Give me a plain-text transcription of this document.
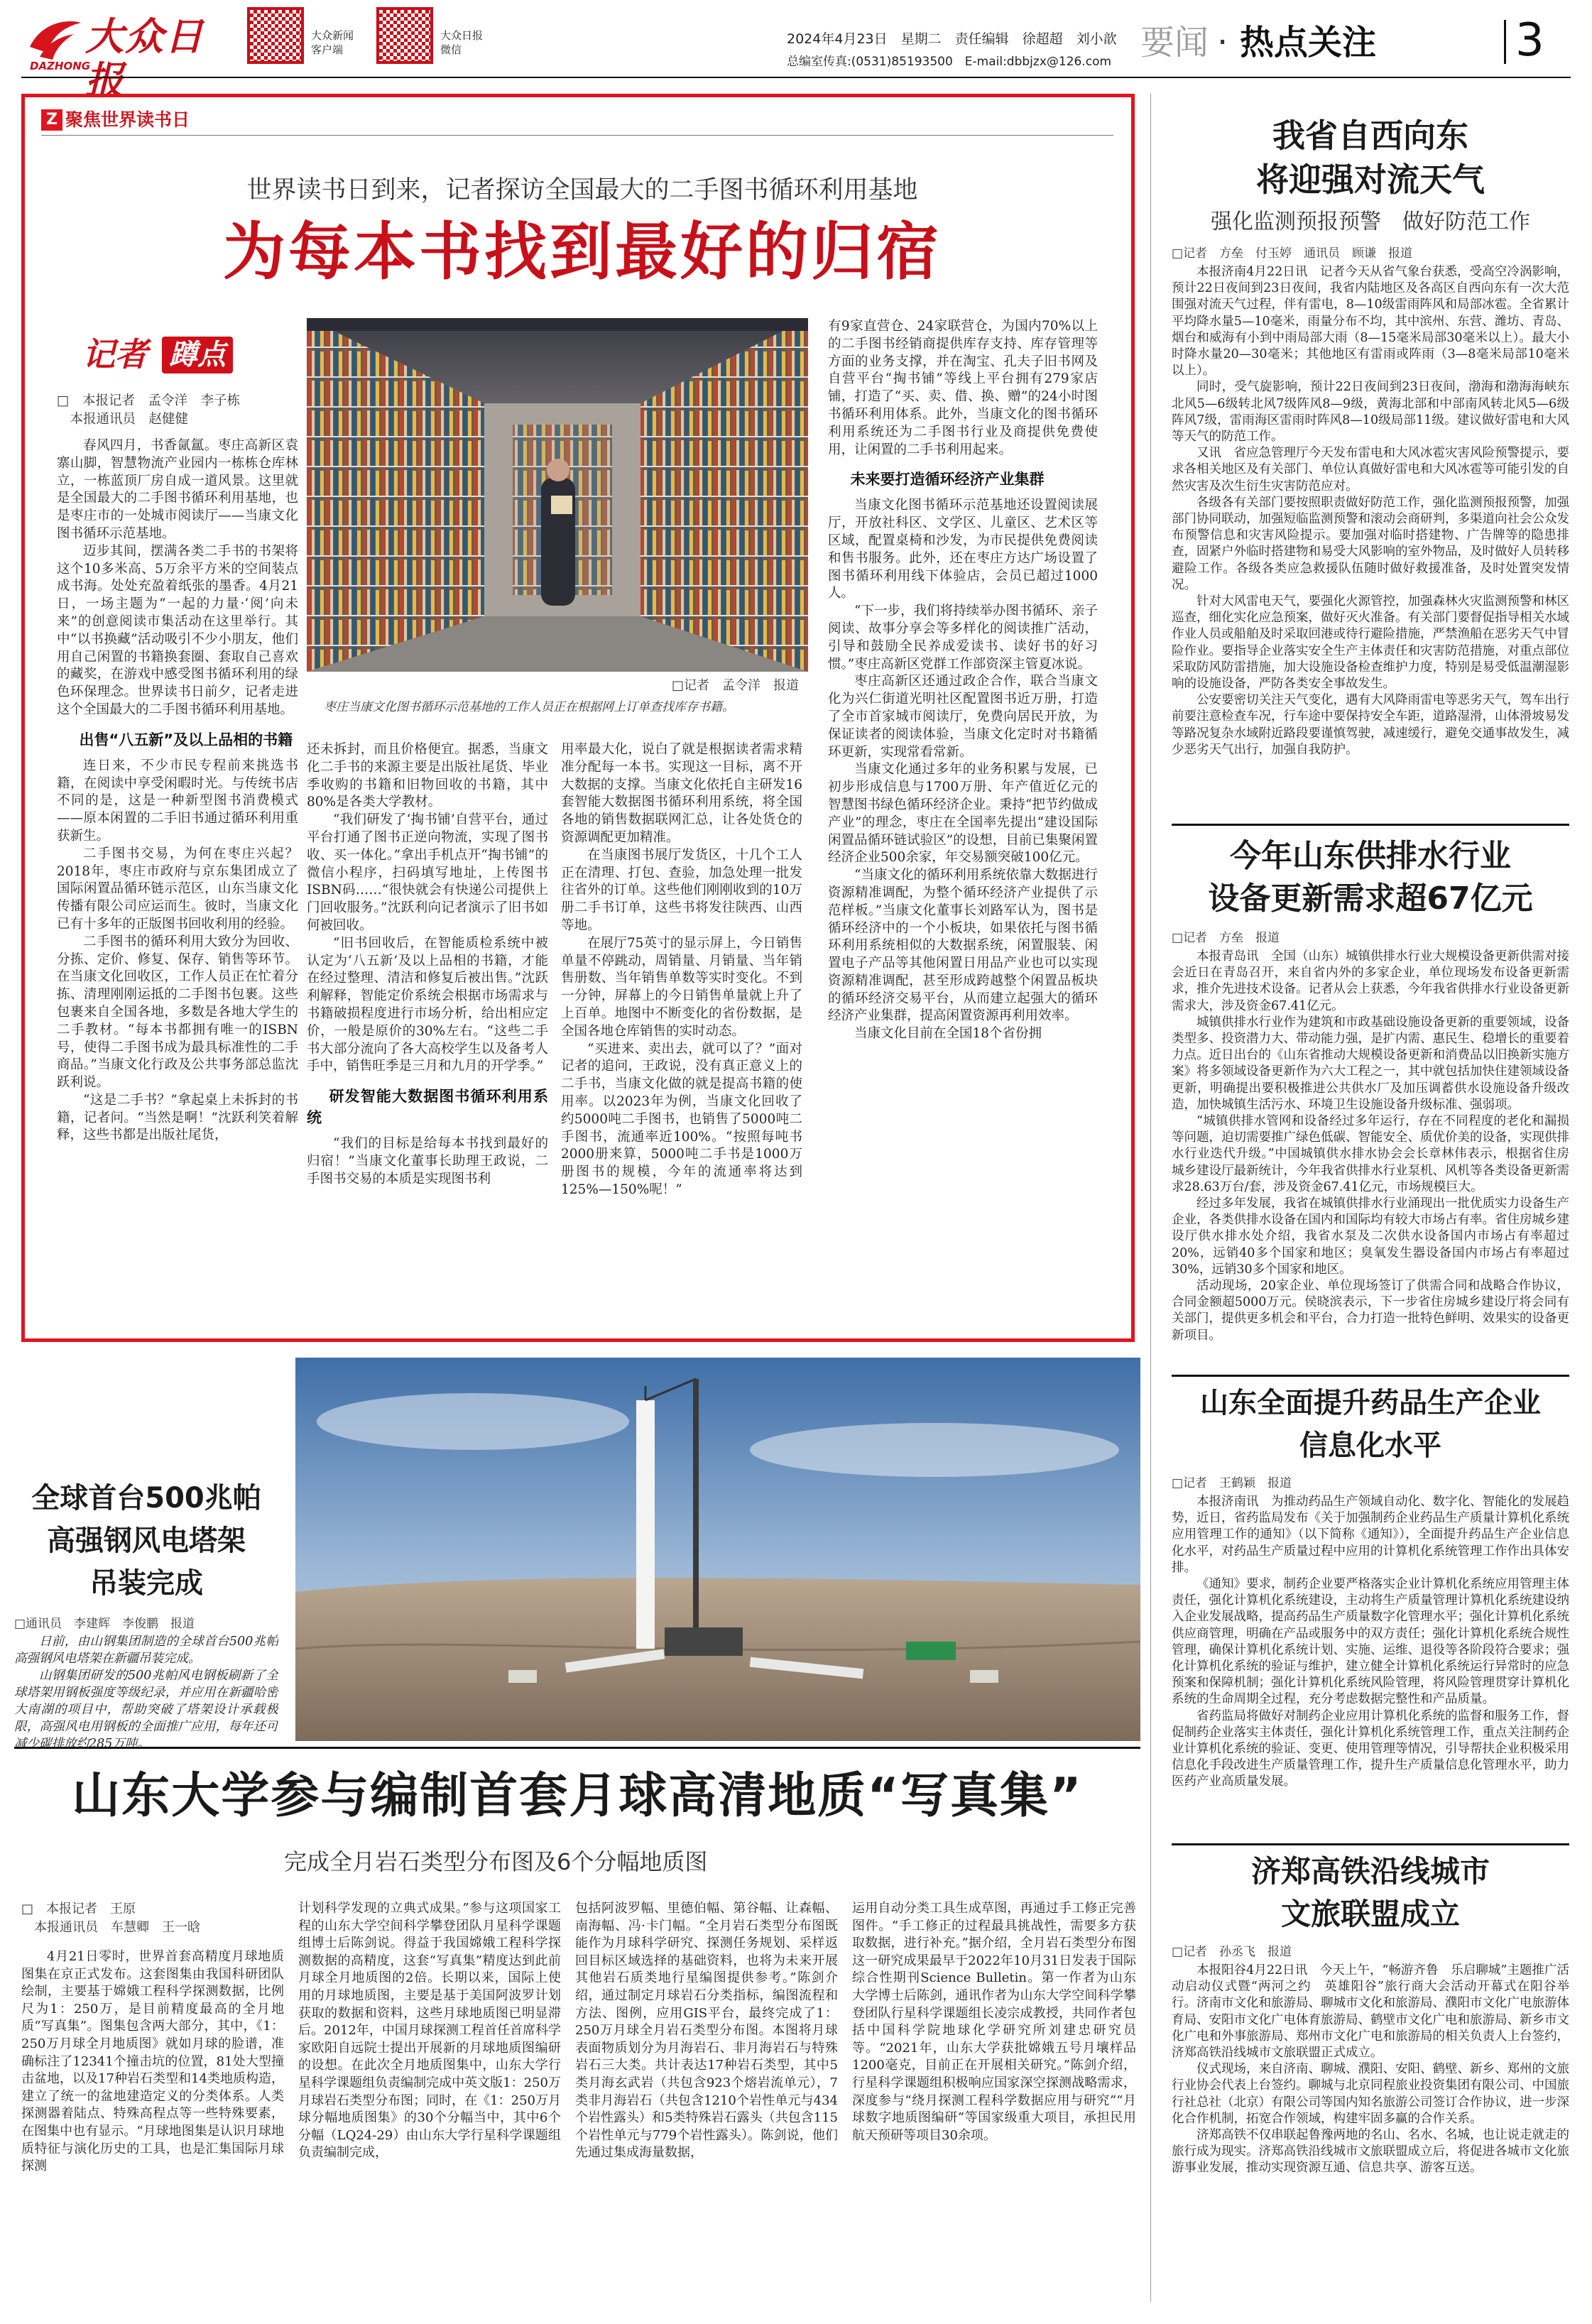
大众日报
DAZHONG
大众新闻
客户端
大众日报
微信
2024年4月23日　星期二　责任编辑　徐超超　刘小歆
总编室传真:(0531)85193500　E-mail:dbbjzx@126.com 要闻 · 热点关注	3
Z 聚焦世界读书日
世界读书日到来，记者探访全国最大的二手图书循环利用基地
为每本书找到最好的归宿
记者 蹲点
□　本报记者　孟令洋　李子栋
　本报通讯员　赵健健

春风四月，书香氤氲。枣庄高新区袁寨山脚，智慧物流产业园内一栋栋仓库林立，一栋蓝顶厂房自成一道风景。这里就是全国最大的二手图书循环利用基地，也是枣庄市的一处城市阅读厅——当康文化图书循环示范基地。

迈步其间，摆满各类二手书的书架将这个10多米高、5万余平方米的空间装点成书海。处处充盈着纸张的墨香。4月21日，一场主题为“一起的力量·‘阅’向未来”的创意阅读市集活动在这里举行。其中“以书换藏”活动吸引不少小朋友，他们用自己闲置的书籍换套圈、套取自己喜欢的藏奖，在游戏中感受图书循环利用的绿色环保理念。世界读书日前夕，记者走进这个全国最大的二手图书循环利用基地。

出售“八五新”及以上品相的书籍

连日来，不少市民专程前来挑选书籍，在阅读中享受闲暇时光。与传统书店不同的是，这是一种新型图书消费模式——原本闲置的二手旧书通过循环利用重获新生。

二手图书交易，为何在枣庄兴起？2018年，枣庄市政府与京东集团成立了国际闲置品循环链示范区，山东当康文化传播有限公司应运而生。彼时，当康文化已有十多年的正版图书回收利用的经验。

二手图书的循环利用大致分为回收、分拣、定价、修复、保存、销售等环节。在当康文化回收区，工作人员正在忙着分拣、清理刚刚运抵的二手图书包裹。这些包裹来自全国各地，多数是各地大学生的二手教材。“每本书都拥有唯一的ISBN号，使得二手图书成为最具标准性的二手商品。”当康文化行政及公共事务部总监沈跃利说。

“这是二手书？”拿起桌上未拆封的书籍，记者问。“当然是啊！”沈跃利笑着解释，这些书都是出版社尾货，

枣庄当康文化图书循环示范基地的工作人员正在根据网上订单查找库存书籍。
□记者　孟令洋　报道

还未拆封，而且价格便宜。据悉，当康文化二手书的来源主要是出版社尾货、毕业季收购的书籍和旧物回收的书籍，其中80%是各类大学教材。

“我们研发了‘掏书铺’自营平台，通过平台打通了图书正逆向物流，实现了图书收、买一体化。”拿出手机点开“掏书铺”的微信小程序，扫码填写地址，上传图书ISBN码……“很快就会有快递公司提供上门回收服务。”沈跃利向记者演示了旧书如何被回收。

“旧书回收后，在智能质检系统中被认定为‘八五新’及以上品相的书籍，才能在经过整理、清洁和修复后被出售。”沈跃利解释，智能定价系统会根据市场需求与书籍破损程度进行市场分析，给出相应定价，一般是原价的30%左右。“这些二手书大部分流向了各大高校学生以及备考人手中，销售旺季是三月和九月的开学季。”

研发智能大数据图书循环利用系统

“我们的目标是给每本书找到最好的归宿！”当康文化董事长助理王政说，二手图书交易的本质是实现图书利

用率最大化，说白了就是根据读者需求精准分配每一本书。实现这一目标，离不开大数据的支撑。当康文化依托自主研发16套智能大数据图书循环利用系统，将全国各地的销售数据联网汇总，让各处货仓的资源调配更加精准。

在当康图书展厅发货区，十几个工人正在清理、打包、查验，加急处理一批发往省外的订单。这些他们刚刚收到的10万册二手书订单，这些书将发往陕西、山西等地。

在展厅75英寸的显示屏上，今日销售单量不停跳动，周销量、月销量、当年销售册数、当年销售单数等实时变化。不到一分钟，屏幕上的今日销售单量就上升了上百单。地图中不断变化的省份数据，是全国各地仓库销售的实时动态。

“买进来、卖出去，就可以了？”面对记者的追问，王政说，没有真正意义上的二手书，当康文化做的就是提高书籍的使用率。以2023年为例，当康文化回收了约5000吨二手图书，也销售了5000吨二手图书，流通率近100%。“按照每吨书2000册来算，5000吨二手书是1000万册图书的规模，今年的流通率将达到125%—150%呢！”

有9家直营仓、24家联营仓，为国内70%以上的二手图书经销商提供库存支持、库存管理等方面的业务支撑，并在淘宝、孔夫子旧书网及自营平台“掏书铺”等线上平台拥有279家店铺，打造了“买、卖、借、换、赠”的24小时图书循环利用体系。此外，当康文化的图书循环利用系统还为二手图书行业及商提供免费使用，让闲置的二手书利用起来。

未来要打造循环经济产业集群

当康文化图书循环示范基地还设置阅读展厅，开放社科区、文学区、儿童区、艺术区等区域，配置桌椅和沙发，为市民提供免费阅读和售书服务。此外，还在枣庄方达广场设置了图书循环利用线下体验店，会员已超过1000人。

“下一步，我们将持续举办图书循环、亲子阅读、故事分享会等多样化的阅读推广活动，引导和鼓励全民养成爱读书、读好书的好习惯。”枣庄高新区党群工作部资深主管夏冰说。

枣庄高新区还通过政企合作，联合当康文化为兴仁街道光明社区配置图书近万册，打造了全市首家城市阅读厅，免费向居民开放，为保证读者的阅读体验，当康文化定时对书籍循环更新，实现常看常新。

当康文化通过多年的业务积累与发展，已初步形成信息与1700万册、年产值近亿元的智慧图书绿色循环经济企业。秉持“把节约做成产业”的理念，枣庄在全国率先提出“建设国际闲置品循环链试验区”的设想，目前已集聚闲置经济企业500余家，年交易额突破100亿元。

“当康文化的循环利用系统依靠大数据进行资源精准调配，为整个循环经济产业提供了示范样板。”当康文化董事长刘路军认为，图书是循环经济中的一个小板块，如果依托与图书循环利用系统相似的大数据系统，闲置服装、闲置电子产品等其他闲置日用品产业也可以实现资源精准调配，甚至形成跨越整个闲置品板块的循环经济交易平台，从而建立起强大的循环经济产业集群，提高闲置资源再利用效率。

当康文化目前在全国18个省份拥

我省自西向东
将迎强对流天气
强化监测预报预警　做好防范工作
□记者　方垒　付玉婷　通讯员　顾谦　报道

本报济南4月22日讯　记者今天从省气象台获悉，受高空冷涡影响，预计22日夜间到23日夜间，我省内陆地区及各高区自西向东有一次大范围强对流天气过程，伴有雷电，8—10级雷雨阵风和局部冰雹。全省累计平均降水量5—10毫米，雨量分布不均，其中滨州、东营、潍坊、青岛、烟台和威海有小到中雨局部大雨（8—15毫米局部30毫米以上）。最大小时降水量20—30毫米；其他地区有雷雨或阵雨（3—8毫米局部10毫米以上）。

同时，受气旋影响，预计22日夜间到23日夜间，渤海和渤海海峡东北风5—6级转北风7级阵风8—9级，黄海北部和中部南风转北风5—6级阵风7级，雷雨海区雷雨时阵风8—10级局部11级。建议做好雷电和大风等天气的防范工作。

又讯　省应急管理厅今天发布雷电和大风冰雹灾害风险预警提示，要求各相关地区及有关部门、单位认真做好雷电和大风冰雹等可能引发的自然灾害及次生衍生灾害防范应对。

各级各有关部门要按照职责做好防范工作，强化监测预报预警，加强部门协同联动，加强短临监测预警和滚动会商研判，多渠道向社会公众发布预警信息和灾害风险提示。要加强对临时搭建物、广告牌等的隐患排查，固紧户外临时搭建物和易受大风影响的室外物品，及时做好人员转移避险工作。各级各类应急救援队伍随时做好救援准备，及时处置突发情况。

针对大风雷电天气，要强化火源管控，加强森林火灾监测预警和林区巡查，细化实化应急预案，做好灭火准备。有关部门要督促指导相关水域作业人员或船舶及时采取回港或待行避险措施，严禁渔船在恶劣天气中冒险作业。要指导企业落实安全生产主体责任和灾害防范措施，对重点部位采取防风防雷措施，加大设施设备检查维护力度，特别是易受低温潮湿影响的设施设备，严防各类安全事故发生。

公安要密切关注天气变化，遇有大风降雨雷电等恶劣天气，驾车出行前要注意检查车况，行车途中要保持安全车距，道路湿滑，山体滑坡易发等路况复杂水域附近路段要谨慎驾驶，减速缓行，避免交通事故发生，减少恶劣天气出行，加强自我防护。

今年山东供排水行业
设备更新需求超67亿元
□记者　方垒　报道

本报青岛讯　全国（山东）城镇供排水行业大规模设备更新供需对接会近日在青岛召开，来自省内外的多家企业，单位现场发布设备更新需求，推介先进技术设备。记者从会上获悉，今年我省供排水行业设备更新需求大，涉及资金67.41亿元。

城镇供排水行业作为建筑和市政基础设施设备更新的重要领域，设备类型多、投资潜力大、带动能力强，是扩内需、惠民生、稳增长的重要着力点。近日出台的《山东省推动大规模设备更新和消费品以旧换新实施方案》将多领域设备更新作为六大工程之一，其中就包括加快住建领域设备更新，明确提出要积极推进公共供水厂及加压调蓄供水设施设备升级改造，加快城镇生活污水、环境卫生设施设备升级标准、强弱项。

“城镇供排水管网和设备经过多年运行，存在不同程度的老化和漏损等问题，迫切需要推广绿色低碳、智能安全、质优价美的设备，实现供排水行业迭代升级。”中国城镇供水排水协会会长章林伟表示，根据省住房城乡建设厅最新统计，今年我省供排水行业泵机、风机等各类设备更新需求28.63万台/套，涉及资金67.41亿元，市场规模巨大。

经过多年发展，我省在城镇供排水行业涌现出一批优质实力设备生产企业，各类供排水设备在国内和国际均有较大市场占有率。省住房城乡建设厅供水排水处介绍，我省水泵及二次供水设备国内市场占有率超过20%，远销40多个国家和地区；臭氧发生器设备国内市场占有率超过30%，远销30多个国家和地区。

活动现场，20家企业、单位现场签订了供需合同和战略合作协议，合同金额超5000万元。侯晓滨表示，下一步省住房城乡建设厅将会同有关部门，提供更多机会和平台，合力打造一批特色鲜明、效果实的设备更新项目。

山东全面提升药品生产企业
信息化水平
□记者　王鹤颖　报道

本报济南讯　为推动药品生产领域自动化、数字化、智能化的发展趋势，近日，省药监局发布《关于加强制药企业药品生产质量计算机化系统应用管理工作的通知》（以下简称《通知》），全面提升药品生产企业信息化水平，对药品生产质量过程中应用的计算机化系统管理工作作出具体安排。

《通知》要求，制药企业要严格落实企业计算机化系统应用管理主体责任，强化计算机化系统建设，主动将生产质量管理计算机化系统建设纳入企业发展战略，提高药品生产质量数字化管理水平；强化计算机化系统供应商管理，明确在产品或服务中的双方责任；强化计算机化系统合规性管理，确保计算机化系统计划、实施、运维、退役等各阶段符合要求；强化计算机化系统的验证与维护，建立健全计算机化系统运行异常时的应急预案和保障机制；强化计算机化系统风险管理，将风险管理贯穿计算机化系统的生命周期全过程，充分考虑数据完整性和产品质量。

省药监局将做好对制药企业应用计算机化系统的监督和服务工作，督促制药企业落实主体责任，强化计算机化系统管理工作，重点关注制药企业计算机化系统的验证、变更、使用管理等情况，引导帮扶企业积极采用信息化手段改进生产质量管理工作，提升生产质量信息化管理水平，助力医药产业高质量发展。

济郑高铁沿线城市
文旅联盟成立
□记者　孙丞飞　报道

本报阳谷4月22日讯　今天上午，“畅游齐鲁　乐启聊城”主题推广活动启动仪式暨“两河之约　英雄阳谷”旅行商大会活动开幕式在阳谷举行。济南市文化和旅游局、聊城市文化和旅游局、濮阳市文化广电旅游体育局、安阳市文化广电体育旅游局、鹤壁市文化广电和旅游局、新乡市文化广电和外事旅游局、郑州市文化广电和旅游局的相关负责人上台签约，济郑高铁沿线城市文旅联盟正式成立。

仪式现场，来自济南、聊城、濮阳、安阳、鹤壁、新乡、郑州的文旅行业协会代表上台签约。聊城与北京同程旅业投资集团有限公司、中国旅行社总社（北京）有限公司等国内知名旅游公司签订合作协议，进一步深化合作机制，拓宽合作领域，构建牢固多赢的合作关系。

济郑高铁不仅串联起鲁豫两地的名山、名水、名城，也让说走就走的旅行成为现实。济郑高铁沿线城市文旅联盟成立后，将促进各城市文化旅游事业发展，推动实现资源互通、信息共享、游客互送。

全球首台500兆帕
高强钢风电塔架
吊装完成
□通讯员　李建辉　李俊鹏　报道

日前，由山钢集团制造的全球首台500兆帕高强钢风电塔架在新疆吊装完成。

山钢集团研发的500兆帕风电钢板刷新了全球塔架用钢板强度等级纪录，并应用在新疆哈密大南湖的项目中，帮助突破了塔架设计承载极限，高强风电用钢板的全面推广应用，每年还可减少碳排放约285万吨。

山东大学参与编制首套月球高清地质“写真集”
完成全月岩石类型分布图及6个分幅地质图
□　本报记者　王原
　本报通讯员　车慧卿　王一晗

4月21日零时，世界首套高精度月球地质图集在京正式发布。这套图集由我国科研团队绘制，主要基于嫦娥工程科学探测数据，比例尺为1：250万，是目前精度最高的全月地质“写真集”。图集包含两大部分，其中，《1：250万月球全月地质图》就如月球的脸谱，准确标注了12341个撞击坑的位置，81处大型撞击盆地，以及17种岩石类型和14类地质构造，建立了统一的盆地建造定义的分类体系。人类探测器着陆点、特殊高程点等一些特殊要素，在图集中也有显示。“月球地图集是认识月球地质特征与演化历史的工具，也是汇集国际月球探测

计划科学发现的立典式成果。”参与这项国家工程的山东大学空间科学攀登团队月星科学课题组博士后陈剑说。得益于我国嫦娥工程科学探测数据的高精度，这套“写真集”精度达到此前月球全月地质图的2倍。长期以来，国际上使用的月球地质图，主要是基于美国阿波罗计划获取的数据和资料，这些月球地质图已明显滞后。2012年，中国月球探测工程首任首席科学家欧阳自远院士提出开展新的月球地质图编研的设想。在此次全月地质图集中，山东大学行星科学课题组负责编制完成中英文版1：250万月球岩石类型分布图；同时，在《1：250万月球分幅地质图集》的30个分幅当中，其中6个分幅（LQ24-29）由山东大学行星科学课题组负责编制完成，

包括阿波罗幅、里德伯幅、第谷幅、让森幅、南海幅、冯·卡门幅。“全月岩石类型分布图既能作为月球科学研究、探测任务规划、采样返回目标区域选择的基础资料，也将为未来开展其他岩石质类地行星编图提供参考。”陈剑介绍，通过制定月球岩石分类指标，编图流程和方法、图例，应用GIS平台，最终完成了1：250万月球全月岩石类型分布图。本图将月球表面物质划分为月海岩石、非月海岩石与特殊岩石三大类。共计表达17种岩石类型，其中5类月海玄武岩（共包含923个熔岩流单元），7类非月海岩石（共包含1210个岩性单元与434个岩性露头）和5类特殊岩石露头（共包含115个岩性单元与779个岩性露头）。陈剑说，他们先通过集成海量数据，

运用自动分类工具生成草图，再通过手工修正完善图件。“手工修正的过程最具挑战性，需要多方获取数据，进行补充。”据介绍，全月岩石类型分布图这一研究成果最早于2022年10月31日发表于国际综合性期刊Science Bulletin。第一作者为山东大学博士后陈剑，通讯作者为山东大学空间科学攀登团队行星科学课题组长凌宗成教授，共同作者包括中国科学院地球化学研究所刘建忠研究员等。“2021年，山东大学获批嫦娥五号月壤样品1200毫克，目前正在开展相关研究。”陈剑介绍，行星科学课题组积极响应国家深空探测战略需求，深度参与“绕月探测工程科学数据应用与研究”“月球数字地质图编研”等国家级重大项目，承担民用航天预研等项目30余项。
